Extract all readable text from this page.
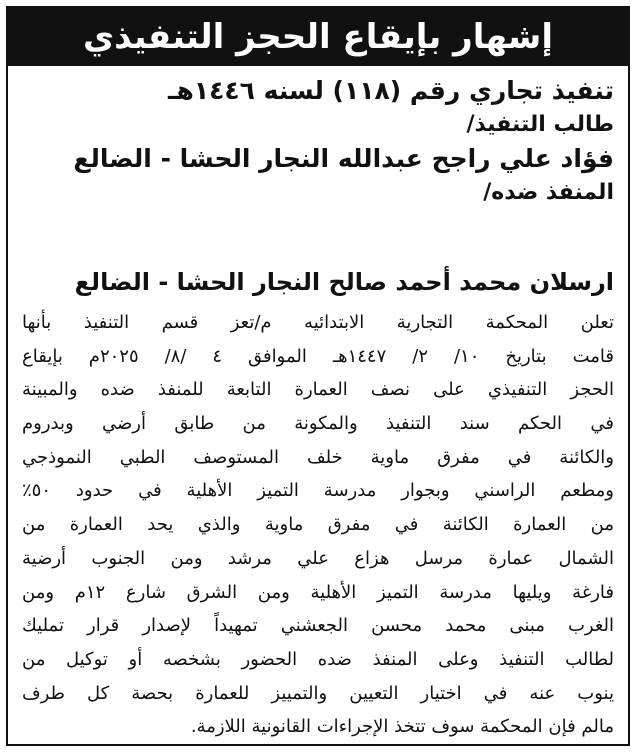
إشهار بإيقاع الحجز التنفيذي
تنفيذ تجاري رقم (١١٨) لسنه ١٤٤٦هـ
طالب التنفيذ/
فؤاد علي راجح عبدالله النجار الحشا - الضالع
المنفذ ضده/
ارسلان محمد أحمد صالح النجار الحشا - الضالع
تعلن المحكمة التجارية الابتدائيه م/تعز قسم التنفيذ بأنها
قامت بتاريخ ١٠/ ٢/ ١٤٤٧هـ الموافق ٤ /٨/ ٢٠٢٥م بإيقاع
الحجز التنفيذي على نصف العمارة التابعة للمنفذ ضده والمبينة
في الحكم سند التنفيذ والمكونة من طابق أرضي وبدروم
والكائنة في مفرق ماوية خلف المستوصف الطبي النموذجي
ومطعم الراسني وبجوار مدرسة التميز الأهلية في حدود ٥٠٪
من العمارة الكائنة في مفرق ماوية والذي يحد العمارة من
الشمال عمارة مرسل هزاع علي مرشد ومن الجنوب أرضية
فارغة ويليها مدرسة التميز الأهلية ومن الشرق شارع ١٢م ومن
الغرب مبنى محمد محسن الجعشني تمهيداً لإصدار قرار تمليك
لطالب التنفيذ وعلى المنفذ ضده الحضور بشخصه أو توكيل من
ينوب عنه في اختيار التعيين والتمييز للعمارة بحصة كل طرف
مالم فإن المحكمة سوف تتخذ الإجراءات القانونية اللازمة.
